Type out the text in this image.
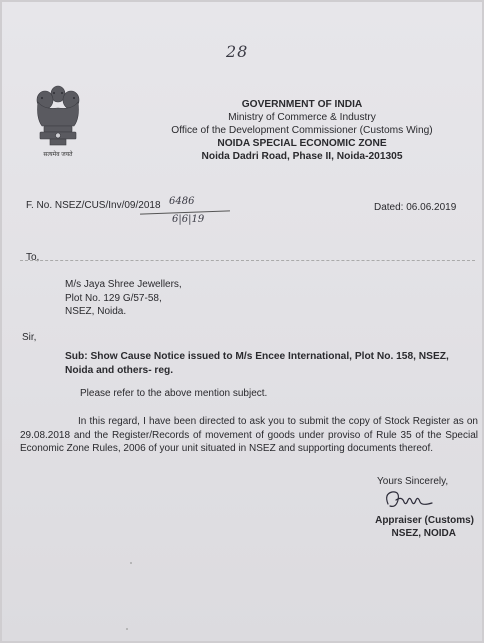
28
सत्यमेव जयते
GOVERNMENT OF INDIA
Ministry of Commerce & Industry
Office of the Development Commissioner (Customs Wing)
NOIDA SPECIAL ECONOMIC ZONE
Noida Dadri Road, Phase II, Noida-201305
F. No. NSEZ/CUS/Inv/09/2018 6486
6|6|19
Dated: 06.06.2019
To,
M/s Jaya Shree Jewellers,
Plot No. 129 G/57-58,
NSEZ, Noida.
Sir,
Sub: Show Cause Notice issued to M/s Encee International, Plot No. 158, NSEZ, Noida and others- reg.
Please refer to the above mention subject.
In this regard, I have been directed to ask you to submit the copy of Stock Register as on 29.08.2018 and the Register/Records of movement of goods under proviso of Rule 35 of the Special Economic Zone Rules, 2006 of your unit situated in NSEZ and supporting documents thereof.
Yours Sincerely,
Appraiser (Customs)
NSEZ, NOIDA
